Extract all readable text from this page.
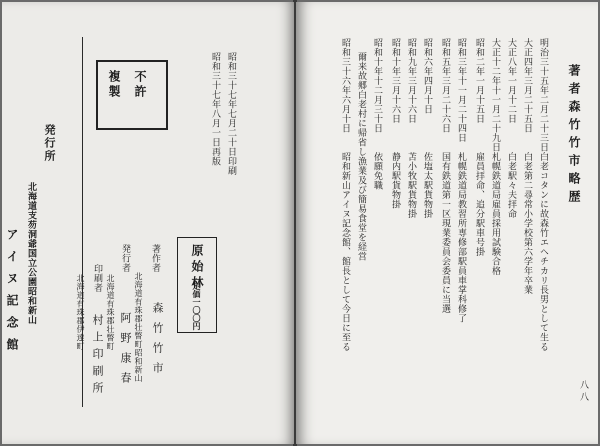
昭和三十七年七月二十日印刷
昭和三十七年八月一日再版
不許
複製
発行所
北海道支芴洞爺国立公園昭和新山
アイヌ記念館	著作者
北海道有珠郡壮瞥町昭和新山 森竹竹市
発行者
北海道有珠郡壮瞥町 阿野康春
印刷者
北海道有珠郡伊達町
村上印刷所
原始林
定価一〇〇円
著者森竹竹市略歴
明治三十五年二月二十三日
白老コタンに故森竹エヘチカリ長男として生る
大正四年三月二十五日
白老第二尋常小学校第六学年卒業
大正八年一月十二日
白老駅々夫拝命
大正十二年十一月二十九日
札幌鉄道局雇員採用試験合格
昭和二年一月十五日
雇員拝命、追分駅車号掛
昭和三年十一月二十四日
札幌鉄道局教習所専修部駅員車掌科修了
昭和五年三月二十六日
国有鉄道第一区現業委員会委員に当選
昭和六年四月十日
佐塩太駅貨物掛
昭和九年三月十六日
苫小牧駅貨物掛
昭和十年三月十六日
静内駅貨物掛
昭和十年十二月三十日
依願免職
爾来故郷白老村に帰省し漁業及び簡易食堂を経営
昭和三十六年六月十日
昭和新山アイヌ記念館、館長として今日に至る
八八
